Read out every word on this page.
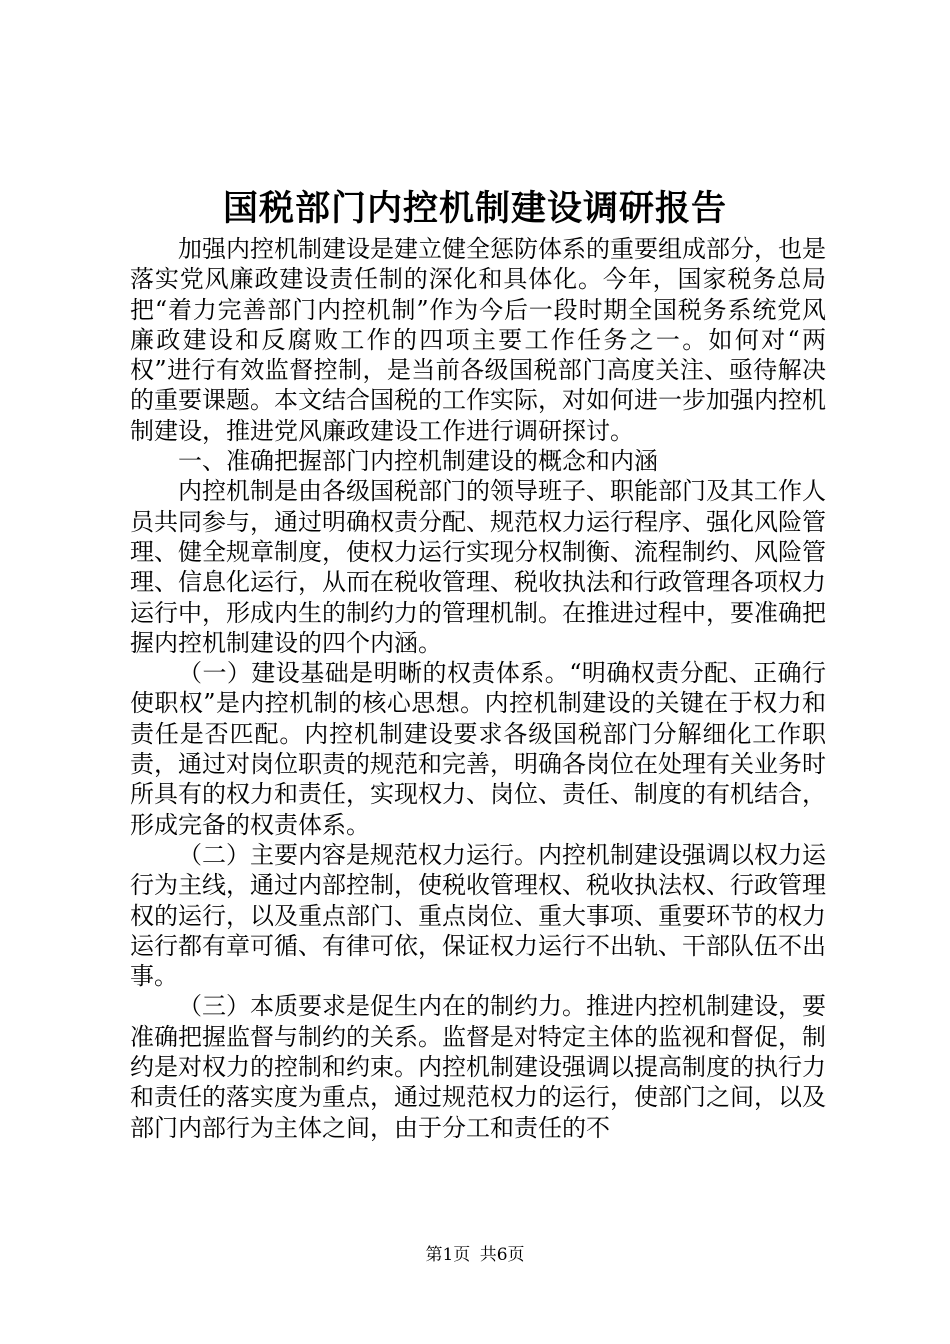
国税部门内控机制建设调研报告

加强内控机制建设是建立健全惩防体系的重要组成部分，也是落实党风廉政建设责任制的深化和具体化。今年，国家税务总局把“着力完善部门内控机制”作为今后一段时期全国税务系统党风廉政建设和反腐败工作的四项主要工作任务之一。如何对“两权”进行有效监督控制，是当前各级国税部门高度关注、亟待解决的重要课题。本文结合国税的工作实际，对如何进一步加强内控机制建设，推进党风廉政建设工作进行调研探讨。

一、准确把握部门内控机制建设的概念和内涵

内控机制是由各级国税部门的领导班子、职能部门及其工作人员共同参与，通过明确权责分配、规范权力运行程序、强化风险管理、健全规章制度，使权力运行实现分权制衡、流程制约、风险管理、信息化运行，从而在税收管理、税收执法和行政管理各项权力运行中，形成内生的制约力的管理机制。在推进过程中，要准确把握内控机制建设的四个内涵。

（一）建设基础是明晰的权责体系。“明确权责分配、正确行使职权”是内控机制的核心思想。内控机制建设的关键在于权力和责任是否匹配。内控机制建设要求各级国税部门分解细化工作职责，通过对岗位职责的规范和完善，明确各岗位在处理有关业务时所具有的权力和责任，实现权力、岗位、责任、制度的有机结合，形成完备的权责体系。

（二）主要内容是规范权力运行。内控机制建设强调以权力运行为主线，通过内部控制，使税收管理权、税收执法权、行政管理权的运行，以及重点部门、重点岗位、重大事项、重要环节的权力运行都有章可循、有律可依，保证权力运行不出轨、干部队伍不出事。

（三）本质要求是促生内在的制约力。推进内控机制建设，要准确把握监督与制约的关系。监督是对特定主体的监视和督促，制约是对权力的控制和约束。内控机制建设强调以提高制度的执行力和责任的落实度为重点，通过规范权力的运行，使部门之间，以及部门内部行为主体之间，由于分工和责任的不

第1页 共6页
